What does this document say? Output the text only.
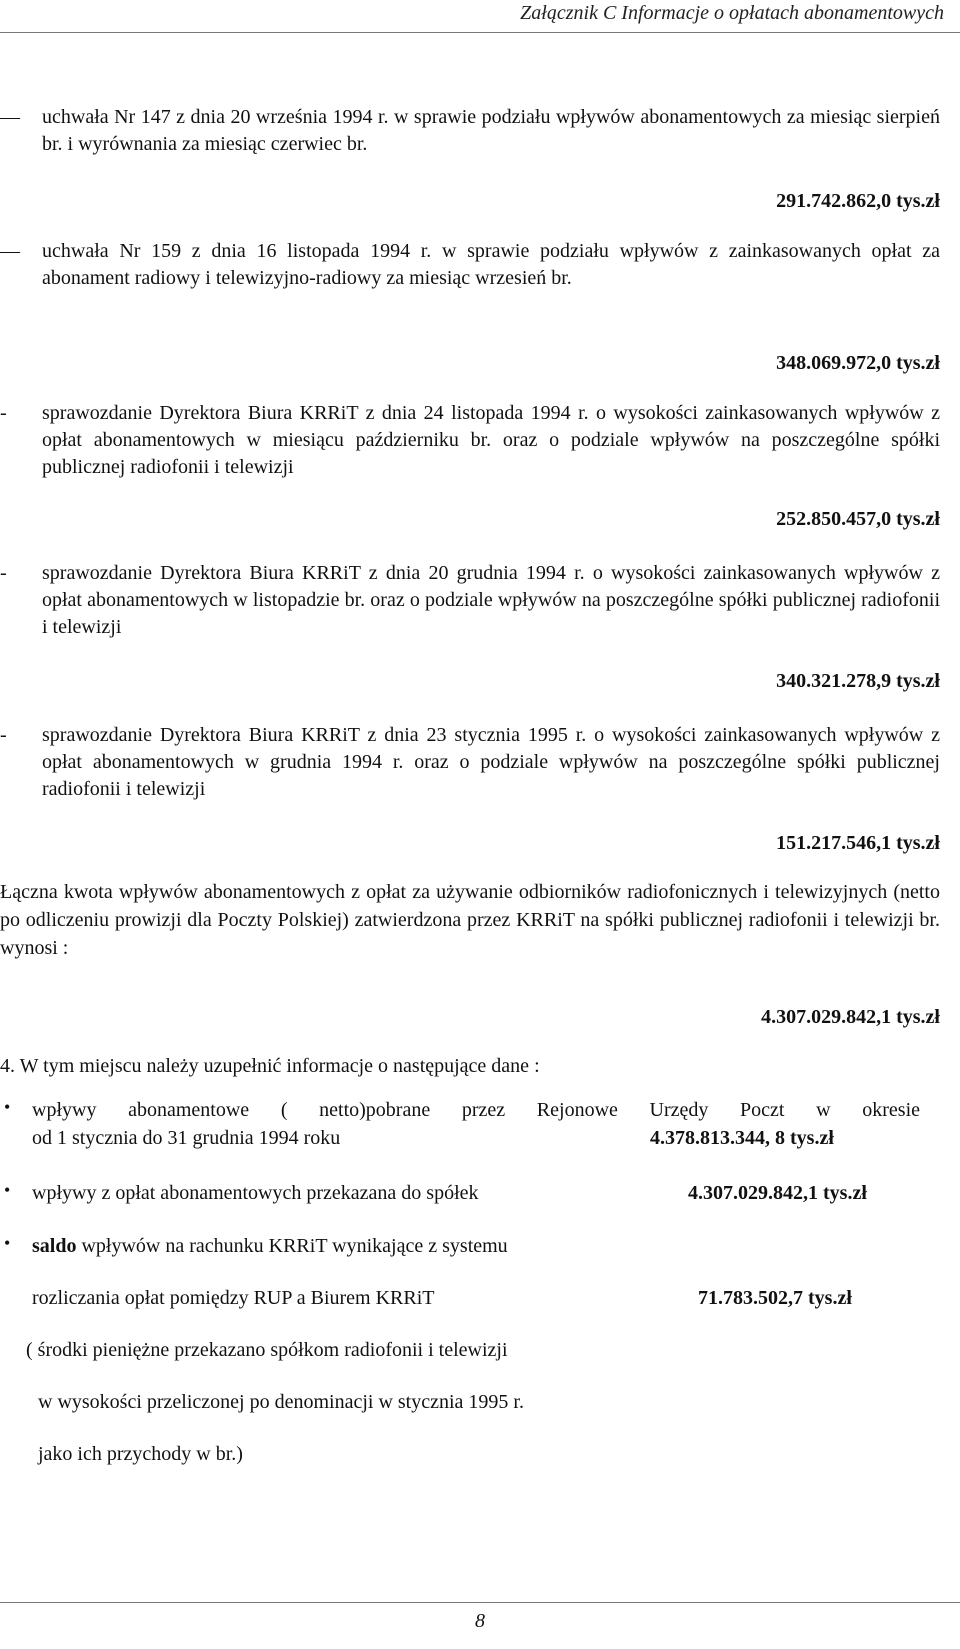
Załącznik C Informacje o opłatach abonamentowych
— uchwała Nr 147 z dnia 20 września 1994 r. w sprawie podziału wpływów abonamentowych za miesiąc sierpień br. i wyrównania za miesiąc czerwiec br.
291.742.862,0 tys.zł
— uchwała Nr 159 z dnia 16 listopada 1994 r. w sprawie podziału wpływów z zainkasowanych opłat za abonament radiowy i telewizyjno-radiowy za miesiąc wrzesień br.
348.069.972,0 tys.zł
- sprawozdanie Dyrektora Biura KRRiT z dnia 24 listopada 1994 r. o wysokości zainkasowanych wpływów z opłat abonamentowych w miesiącu październiku br. oraz o podziale wpływów na poszczególne spółki publicznej radiofonii i telewizji
252.850.457,0 tys.zł
- sprawozdanie Dyrektora Biura KRRiT z dnia 20 grudnia 1994 r. o wysokości zainkasowanych wpływów z opłat abonamentowych w listopadzie br. oraz o podziale wpływów na poszczególne spółki publicznej radiofonii i telewizji
340.321.278,9 tys.zł
- sprawozdanie Dyrektora Biura KRRiT z dnia 23 stycznia 1995 r. o wysokości zainkasowanych wpływów z opłat abonamentowych w grudnia 1994 r. oraz o podziale wpływów na poszczególne spółki publicznej radiofonii i telewizji
151.217.546,1 tys.zł
Łączna kwota wpływów abonamentowych z opłat za używanie odbiorników radiofonicznych i telewizyjnych (netto po odliczeniu prowizji dla Poczty Polskiej) zatwierdzona przez KRRiT na spółki publicznej radiofonii i telewizji br. wynosi :
4.307.029.842,1 tys.zł
4. W tym miejscu należy uzupełnić informacje o następujące dane :
• wpływy abonamentowe ( netto)pobrane przez Rejonowe Urzędy Poczt w okresie
od 1 stycznia do 31 grudnia 1994 roku	4.378.813.344, 8 tys.zł
• wpływy z opłat abonamentowych przekazana do spółek	4.307.029.842,1 tys.zł
• saldo wpływów na rachunku KRRiT wynikające z systemu
rozliczania opłat pomiędzy RUP a Biurem KRRiT	71.783.502,7 tys.zł
( środki pieniężne przekazano spółkom radiofonii i telewizji
w wysokości przeliczonej po denominacji w stycznia 1995 r.
jako ich przychody w br.)
8
